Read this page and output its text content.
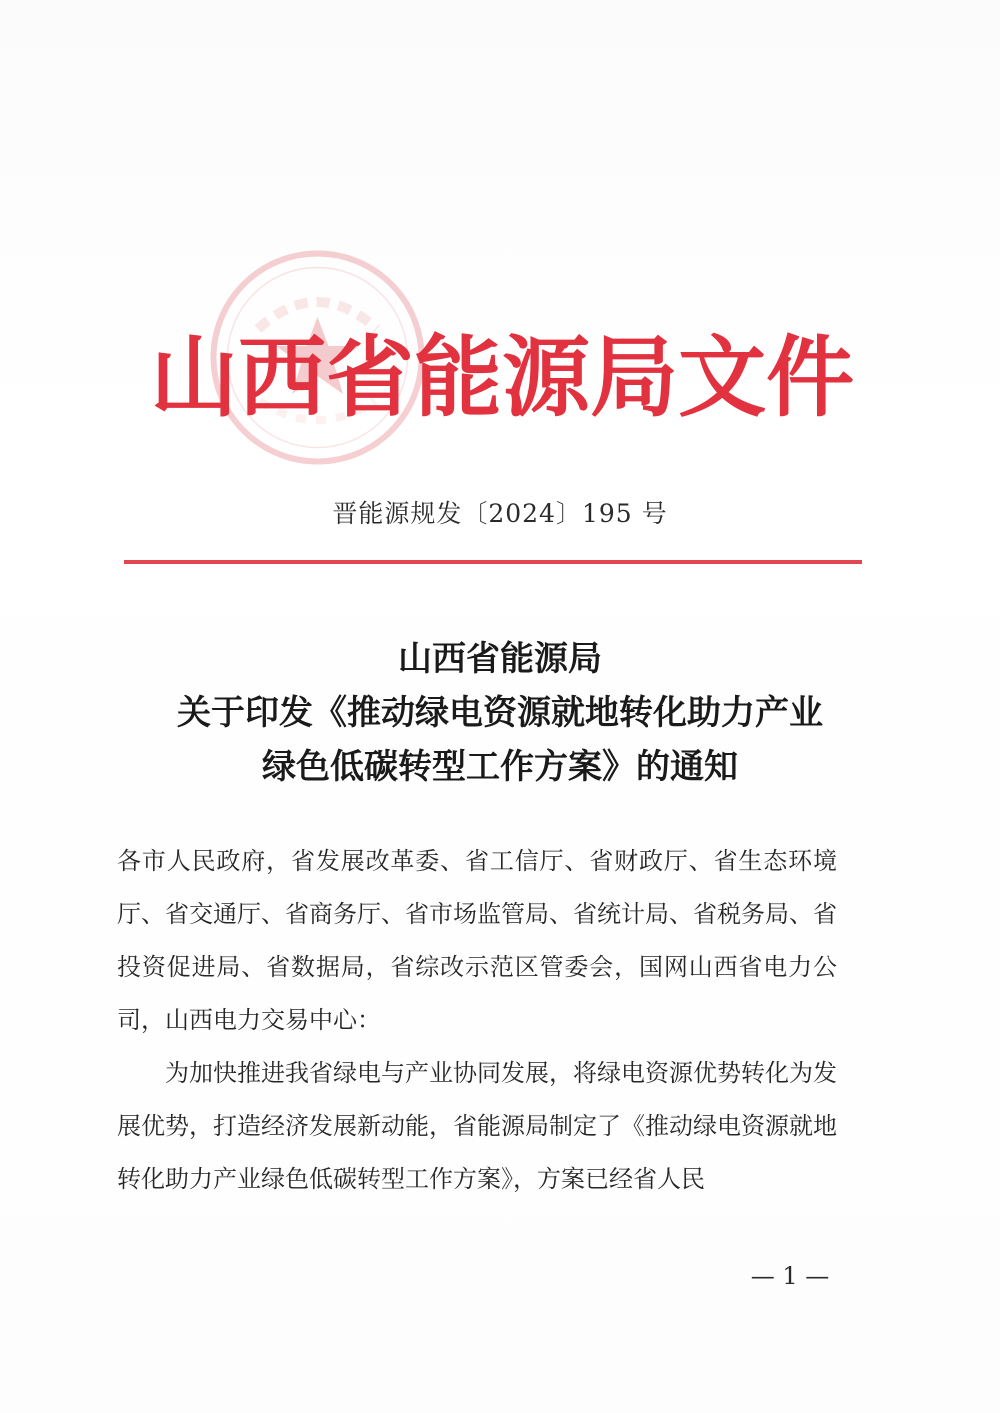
山 西 省 能 源 局 文 件
晋能源规发〔2024〕195 号
山西省能源局
关于印发《推动绿电资源就地转化助力产业
绿色低碳转型工作方案》的通知

各市人民政府，省发展改革委、省工信厅、省财政厅、省生态环境厅、省交通厅、省商务厅、省市场监管局、省统计局、省税务局、省投资促进局、省数据局，省综改示范区管委会，国网山西省电力公司，山西电力交易中心：

为加快推进我省绿电与产业协同发展，将绿电资源优势转化为发展优势，打造经济发展新动能，省能源局制定了《推动绿电资源就地转化助力产业绿色低碳转型工作方案》，方案已经省人民

— 1 —
